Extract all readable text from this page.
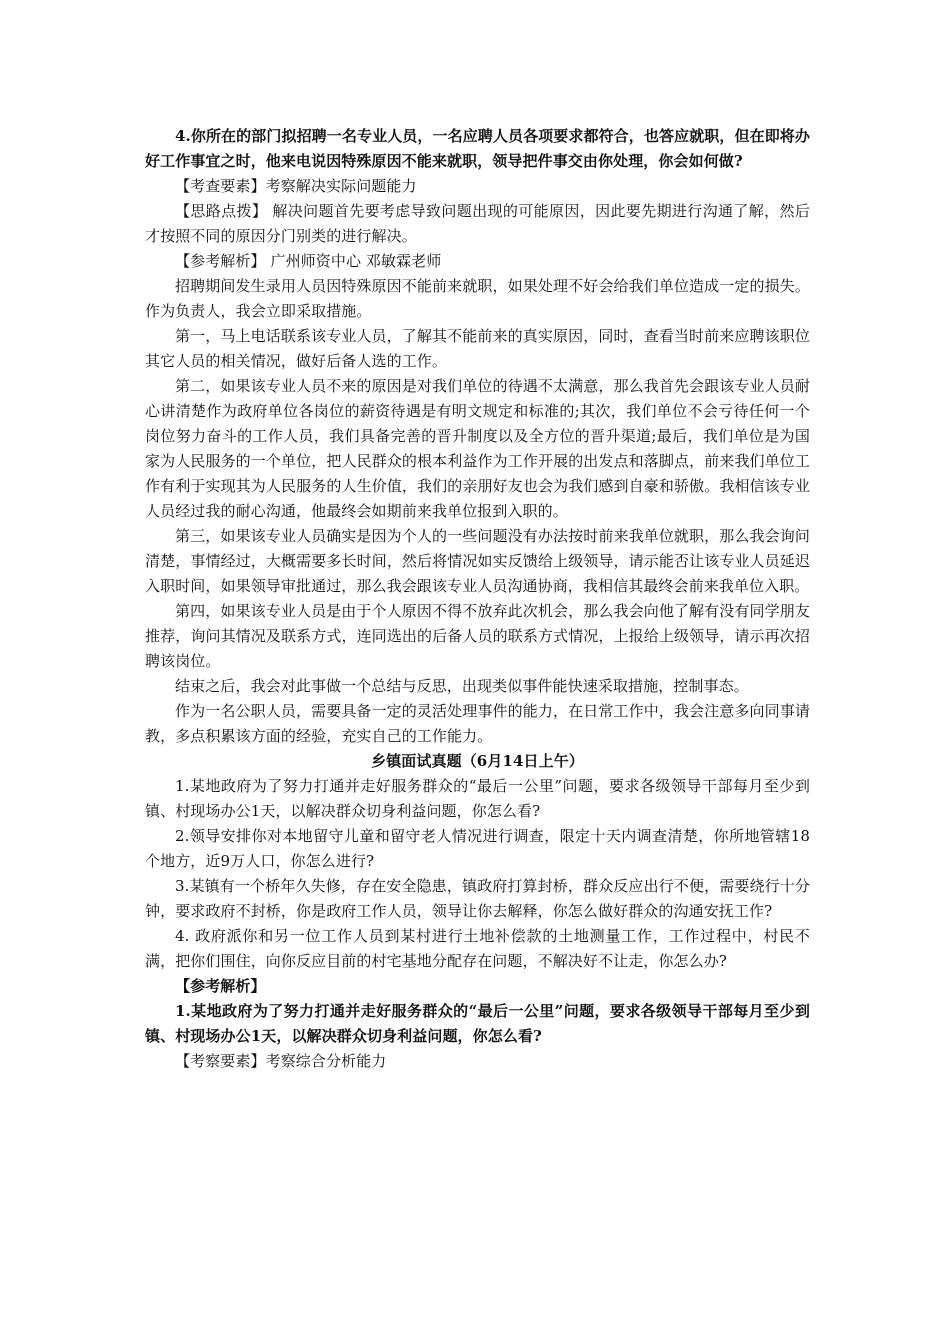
4.你所在的部门拟招聘一名专业人员，一名应聘人员各项要求都符合，也答应就职，但在即将办好工作事宜之时，他来电说因特殊原因不能来就职，领导把件事交由你处理，你会如何做?

【考查要素】考察解决实际问题能力

【思路点拨】 解决问题首先要考虑导致问题出现的可能原因，因此要先期进行沟通了解，然后才按照不同的原因分门别类的进行解决。

【参考解析】 广州师资中心 邓敏霖老师

招聘期间发生录用人员因特殊原因不能前来就职，如果处理不好会给我们单位造成一定的损失。作为负责人，我会立即采取措施。

第一，马上电话联系该专业人员，了解其不能前来的真实原因，同时，查看当时前来应聘该职位其它人员的相关情况，做好后备人选的工作。

第二，如果该专业人员不来的原因是对我们单位的待遇不太满意，那么我首先会跟该专业人员耐心讲清楚作为政府单位各岗位的薪资待遇是有明文规定和标准的;其次，我们单位不会亏待任何一个岗位努力奋斗的工作人员，我们具备完善的晋升制度以及全方位的晋升渠道;最后，我们单位是为国家为人民服务的一个单位，把人民群众的根本利益作为工作开展的出发点和落脚点，前来我们单位工作有利于实现其为人民服务的人生价值，我们的亲朋好友也会为我们感到自豪和骄傲。我相信该专业人员经过我的耐心沟通，他最终会如期前来我单位报到入职的。

第三，如果该专业人员确实是因为个人的一些问题没有办法按时前来我单位就职，那么我会询问清楚，事情经过，大概需要多长时间，然后将情况如实反馈给上级领导，请示能否让该专业人员延迟入职时间，如果领导审批通过，那么我会跟该专业人员沟通协商，我相信其最终会前来我单位入职。

第四，如果该专业人员是由于个人原因不得不放弃此次机会，那么我会向他了解有没有同学朋友推荐，询问其情况及联系方式，连同选出的后备人员的联系方式情况，上报给上级领导，请示再次招聘该岗位。

结束之后，我会对此事做一个总结与反思，出现类似事件能快速采取措施，控制事态。

作为一名公职人员，需要具备一定的灵活处理事件的能力，在日常工作中，我会注意多向同事请教，多点积累该方面的经验，充实自己的工作能力。

乡镇面试真题（6月14日上午）

1.某地政府为了努力打通并走好服务群众的“最后一公里”问题，要求各级领导干部每月至少到镇、村现场办公1天，以解决群众切身利益问题，你怎么看?

2.领导安排你对本地留守儿童和留守老人情况进行调查，限定十天内调查清楚，你所地管辖18个地方，近9万人口，你怎么进行?

3.某镇有一个桥年久失修，存在安全隐患，镇政府打算封桥，群众反应出行不便，需要绕行十分钟，要求政府不封桥，你是政府工作人员，领导让你去解释，你怎么做好群众的沟通安抚工作?

4. 政府派你和另一位工作人员到某村进行土地补偿款的土地测量工作，工作过程中，村民不满，把你们围住，向你反应目前的村宅基地分配存在问题，不解决好不让走，你怎么办?

【参考解析】

1.某地政府为了努力打通并走好服务群众的“最后一公里”问题，要求各级领导干部每月至少到镇、村现场办公1天，以解决群众切身利益问题，你怎么看?

【考察要素】考察综合分析能力
